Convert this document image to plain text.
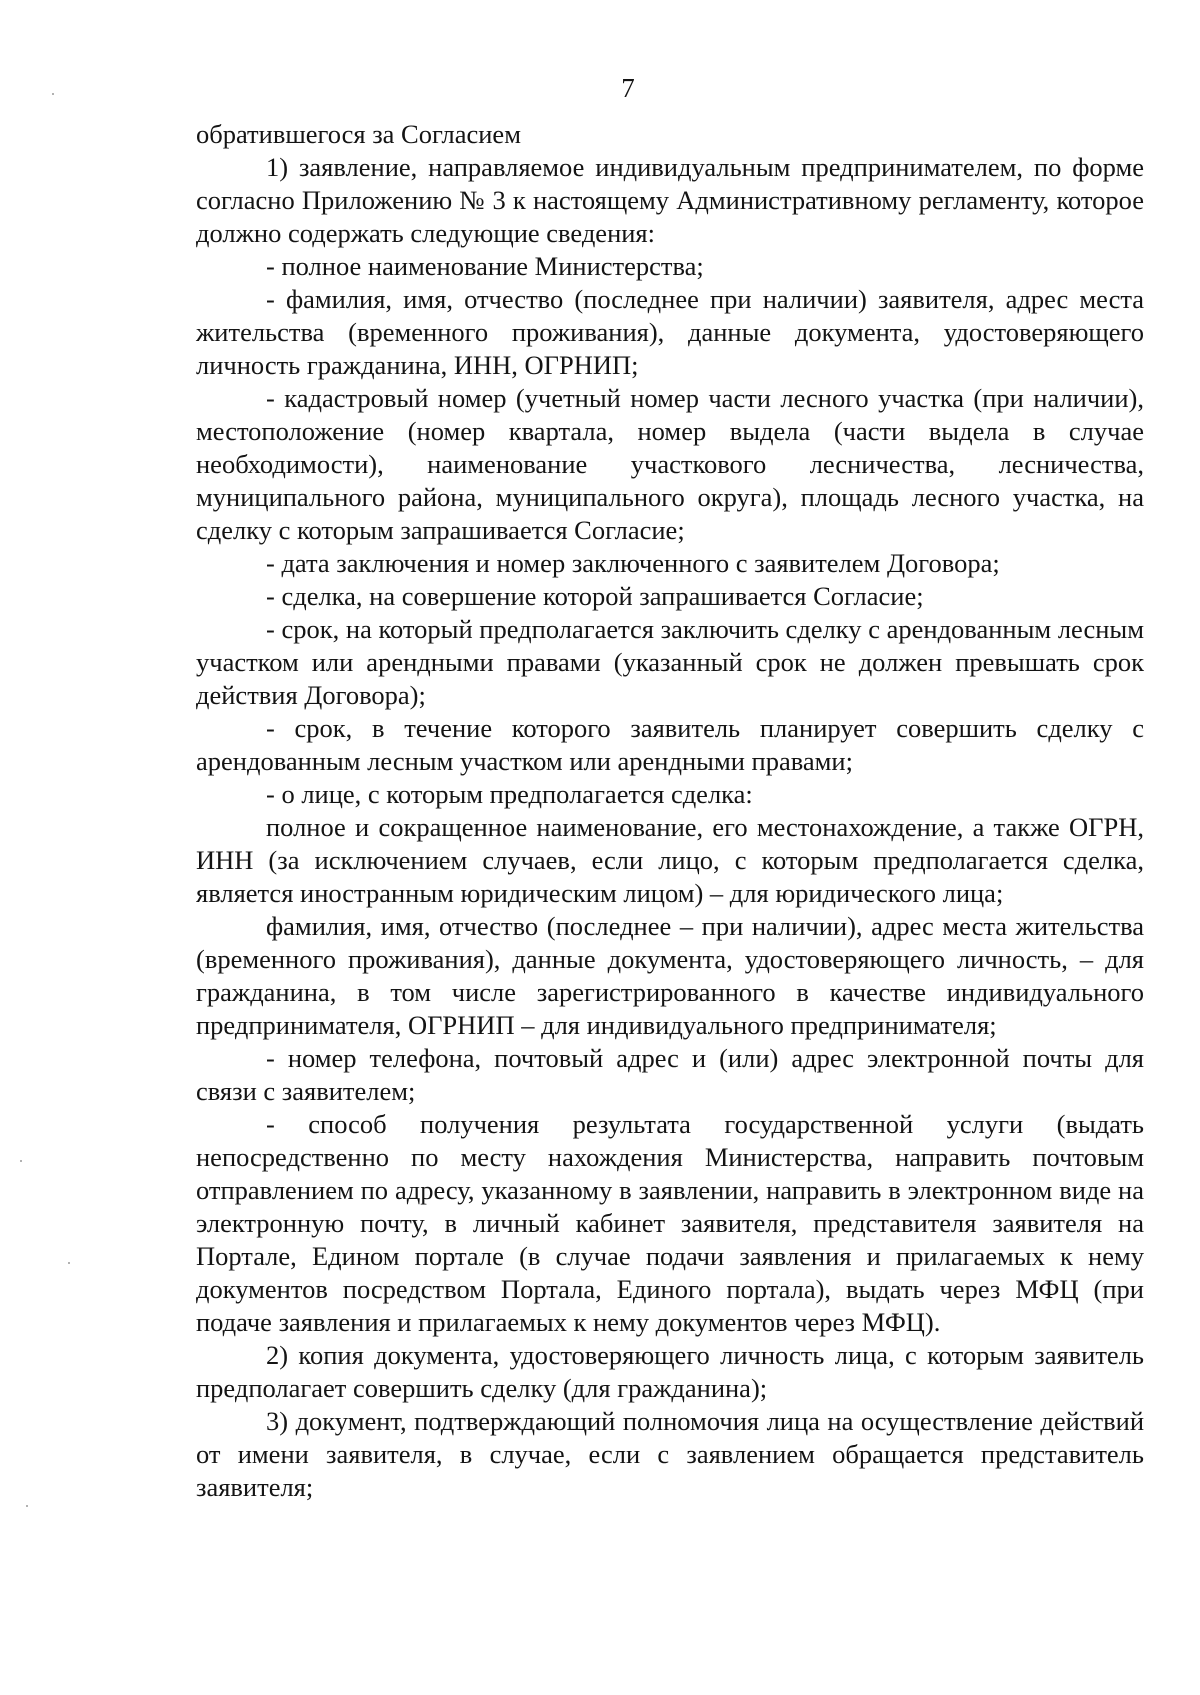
7

обратившегося за Согласием

1) заявление, направляемое индивидуальным предпринимателем, по форме согласно Приложению № 3 к настоящему Административному регламенту, которое должно содержать следующие сведения:

- полное наименование Министерства;

- фамилия, имя, отчество (последнее при наличии) заявителя, адрес места жительства (временного проживания), данные документа, удостоверяющего личность гражданина, ИНН, ОГРНИП;

- кадастровый номер (учетный номер части лесного участка (при наличии), местоположение (номер квартала, номер выдела (части выдела в случае необходимости), наименование участкового лесничества, лесничества, муниципального района, муниципального округа), площадь лесного участка, на сделку с которым запрашивается Согласие;

- дата заключения и номер заключенного с заявителем Договора;

- сделка, на совершение которой запрашивается Согласие;

- срок, на который предполагается заключить сделку с арендованным лесным участком или арендными правами (указанный срок не должен превышать срок действия Договора);

- срок, в течение которого заявитель планирует совершить сделку с арендованным лесным участком или арендными правами;

- о лице, с которым предполагается сделка:

полное и сокращенное наименование, его местонахождение, а также ОГРН, ИНН (за исключением случаев, если лицо, с которым предполагается сделка, является иностранным юридическим лицом) – для юридического лица;

фамилия, имя, отчество (последнее – при наличии), адрес места жительства (временного проживания), данные документа, удостоверяющего личность, – для гражданина, в том числе зарегистрированного в качестве индивидуального предпринимателя, ОГРНИП – для индивидуального предпринимателя;

- номер телефона, почтовый адрес и (или) адрес электронной почты для связи с заявителем;

- способ получения результата государственной услуги (выдать непосредственно по месту нахождения Министерства, направить почтовым отправлением по адресу, указанному в заявлении, направить в электронном виде на электронную почту, в личный кабинет заявителя, представителя заявителя на Портале, Едином портале (в случае подачи заявления и прилагаемых к нему документов посредством Портала, Единого портала), выдать через МФЦ (при подаче заявления и прилагаемых к нему документов через МФЦ).

2) копия документа, удостоверяющего личность лица, с которым заявитель предполагает совершить сделку (для гражданина);

3) документ, подтверждающий полномочия лица на осуществление действий от имени заявителя, в случае, если с заявлением обращается представитель заявителя;
